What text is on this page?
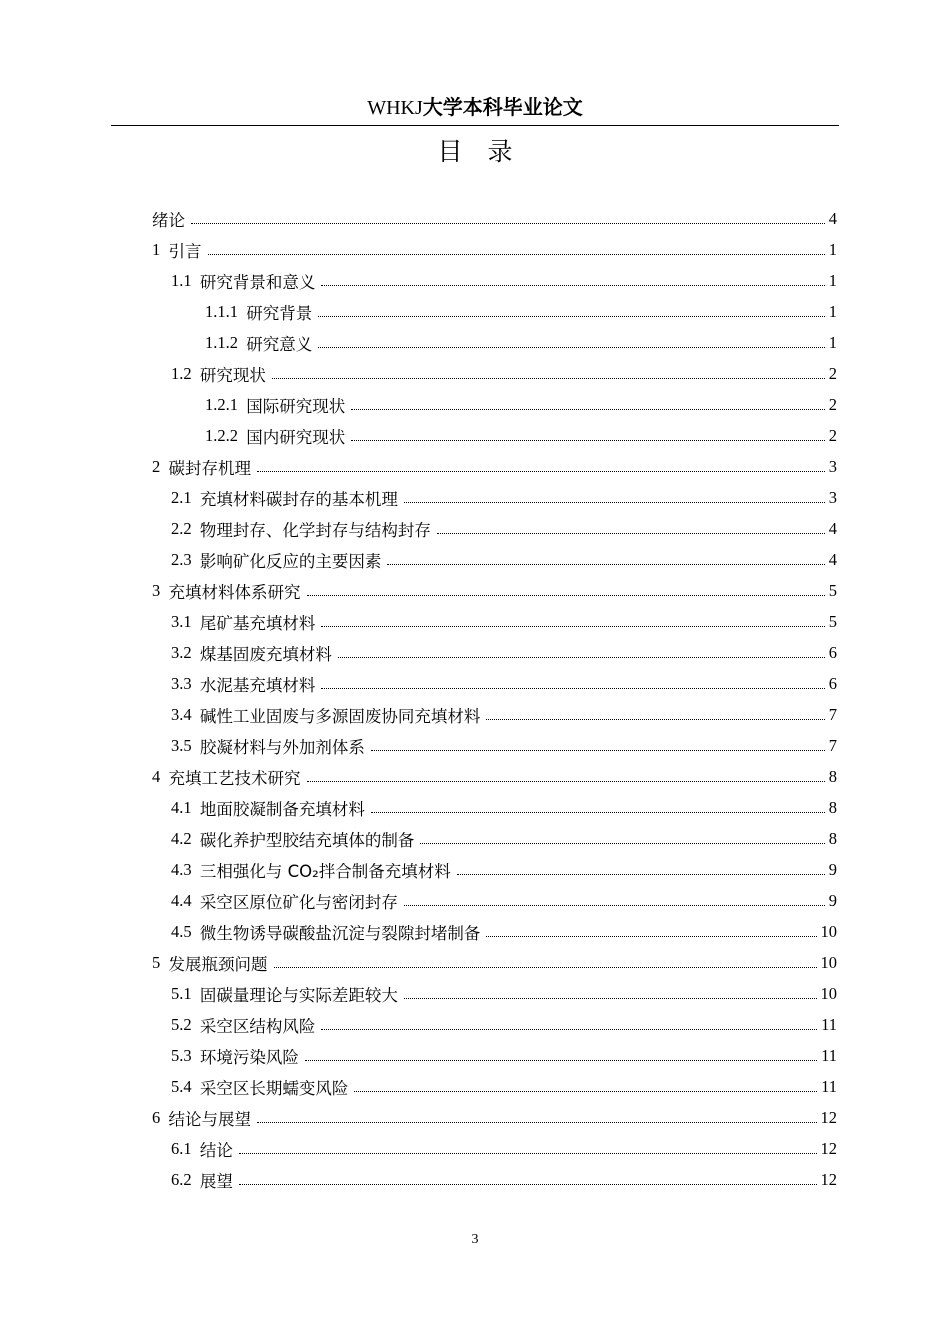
WHKJ大学本科毕业论文
目　录
绪论	4
1 引言	1
1.1 研究背景和意义	1
1.1.1 研究背景	1
1.1.2 研究意义	1
1.2 研究现状	2
1.2.1 国际研究现状	2
1.2.2 国内研究现状	2
2 碳封存机理	3
2.1 充填材料碳封存的基本机理	3
2.2 物理封存、化学封存与结构封存	4
2.3 影响矿化反应的主要因素	4
3 充填材料体系研究	5
3.1 尾矿基充填材料	5
3.2 煤基固废充填材料	6
3.3 水泥基充填材料	6
3.4 碱性工业固废与多源固废协同充填材料	7
3.5 胶凝材料与外加剂体系	7
4 充填工艺技术研究	8
4.1 地面胶凝制备充填材料	8
4.2 碳化养护型胶结充填体的制备	8
4.3 三相强化与 CO₂拌合制备充填材料	9
4.4 采空区原位矿化与密闭封存	9
4.5 微生物诱导碳酸盐沉淀与裂隙封堵制备	10
5 发展瓶颈问题	10
5.1 固碳量理论与实际差距较大	10
5.2 采空区结构风险	11
5.3 环境污染风险	11
5.4 采空区长期蠕变风险	11
6 结论与展望	12
6.1 结论	12
6.2 展望	12
3
